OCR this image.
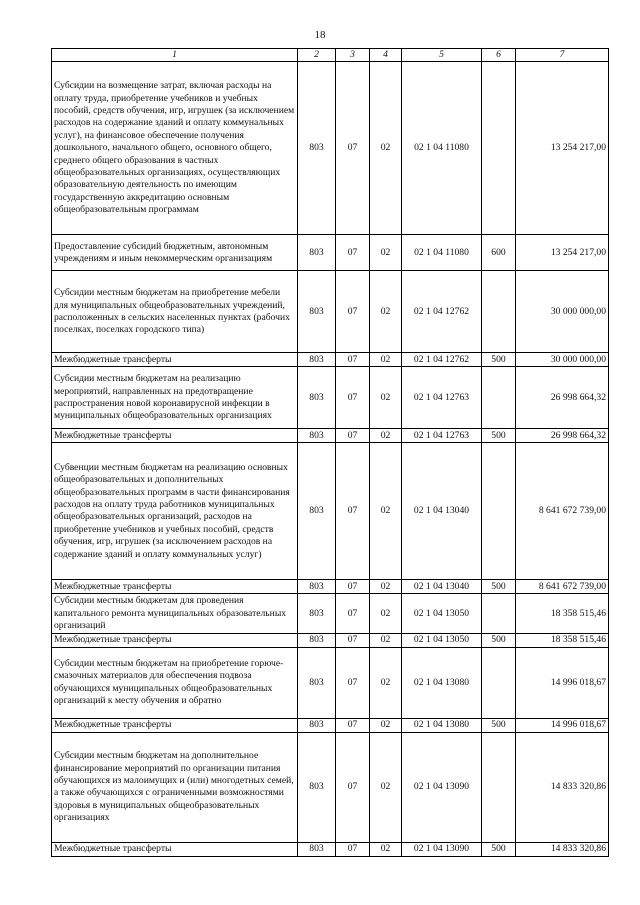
18
1	2	3	4	5	6	7
Субсидии на возмещение затрат, включая расходы на оплату труда, приобретение учебников и учебных пособий, средств обучения, игр, игрушек (за исключением расходов на содержание зданий и оплату коммунальных услуг), на финансовое обеспечение получения дошкольного, начального общего, основного общего, среднего общего образования в частных общеобразовательных организациях, осуществляющих образовательную деятельность по имеющим государственную аккредитацию основным общеобразовательным программам	803	07	02	02 1 04 11080		13 254 217,00
Предоставление субсидий бюджетным, автономным учреждениям и иным некоммерческим организациям	803	07	02	02 1 04 11080	600	13 254 217,00
Субсидии местным бюджетам на приобретение мебели для муниципальных общеобразовательных учреждений, расположенных в сельских населенных пунктах (рабочих поселках, поселках городского типа)	803	07	02	02 1 04 12762		30 000 000,00
Межбюджетные трансферты	803	07	02	02 1 04 12762	500	30 000 000,00
Субсидии местным бюджетам на реализацию мероприятий, направленных на предотвращение распространения новой коронавирусной инфекции в муниципальных общеобразовательных организациях	803	07	02	02 1 04 12763		26 998 664,32
Межбюджетные трансферты	803	07	02	02 1 04 12763	500	26 998 664,32
Субвенции местным бюджетам на реализацию основных общеобразовательных и дополнительных общеобразовательных программ в части финансирования расходов на оплату труда работников муниципальных общеобразовательных организаций, расходов на приобретение учебников и учебных пособий, средств обучения, игр, игрушек (за исключением расходов на содержание зданий и оплату коммунальных услуг)	803	07	02	02 1 04 13040		8 641 672 739,00
Межбюджетные трансферты	803	07	02	02 1 04 13040	500	8 641 672 739,00
Субсидии местным бюджетам для проведения капитального ремонта муниципальных образовательных организаций	803	07	02	02 1 04 13050		18 358 515,46
Межбюджетные трансферты	803	07	02	02 1 04 13050	500	18 358 515,46
Субсидии местным бюджетам на приобретение горюче-смазочных материалов для обеспечения подвоза обучающихся муниципальных общеобразовательных организаций к месту обучения и обратно	803	07	02	02 1 04 13080		14 996 018,67
Межбюджетные трансферты	803	07	02	02 1 04 13080	500	14 996 018,67
Субсидии местным бюджетам на дополнительное финансирование мероприятий по организации питания обучающихся из малоимущих и (или) многодетных семей, а также обучающихся с ограниченными возможностями здоровья в муниципальных общеобразовательных организациях	803	07	02	02 1 04 13090		14 833 320,86
Межбюджетные трансферты	803	07	02	02 1 04 13090	500	14 833 320,86
